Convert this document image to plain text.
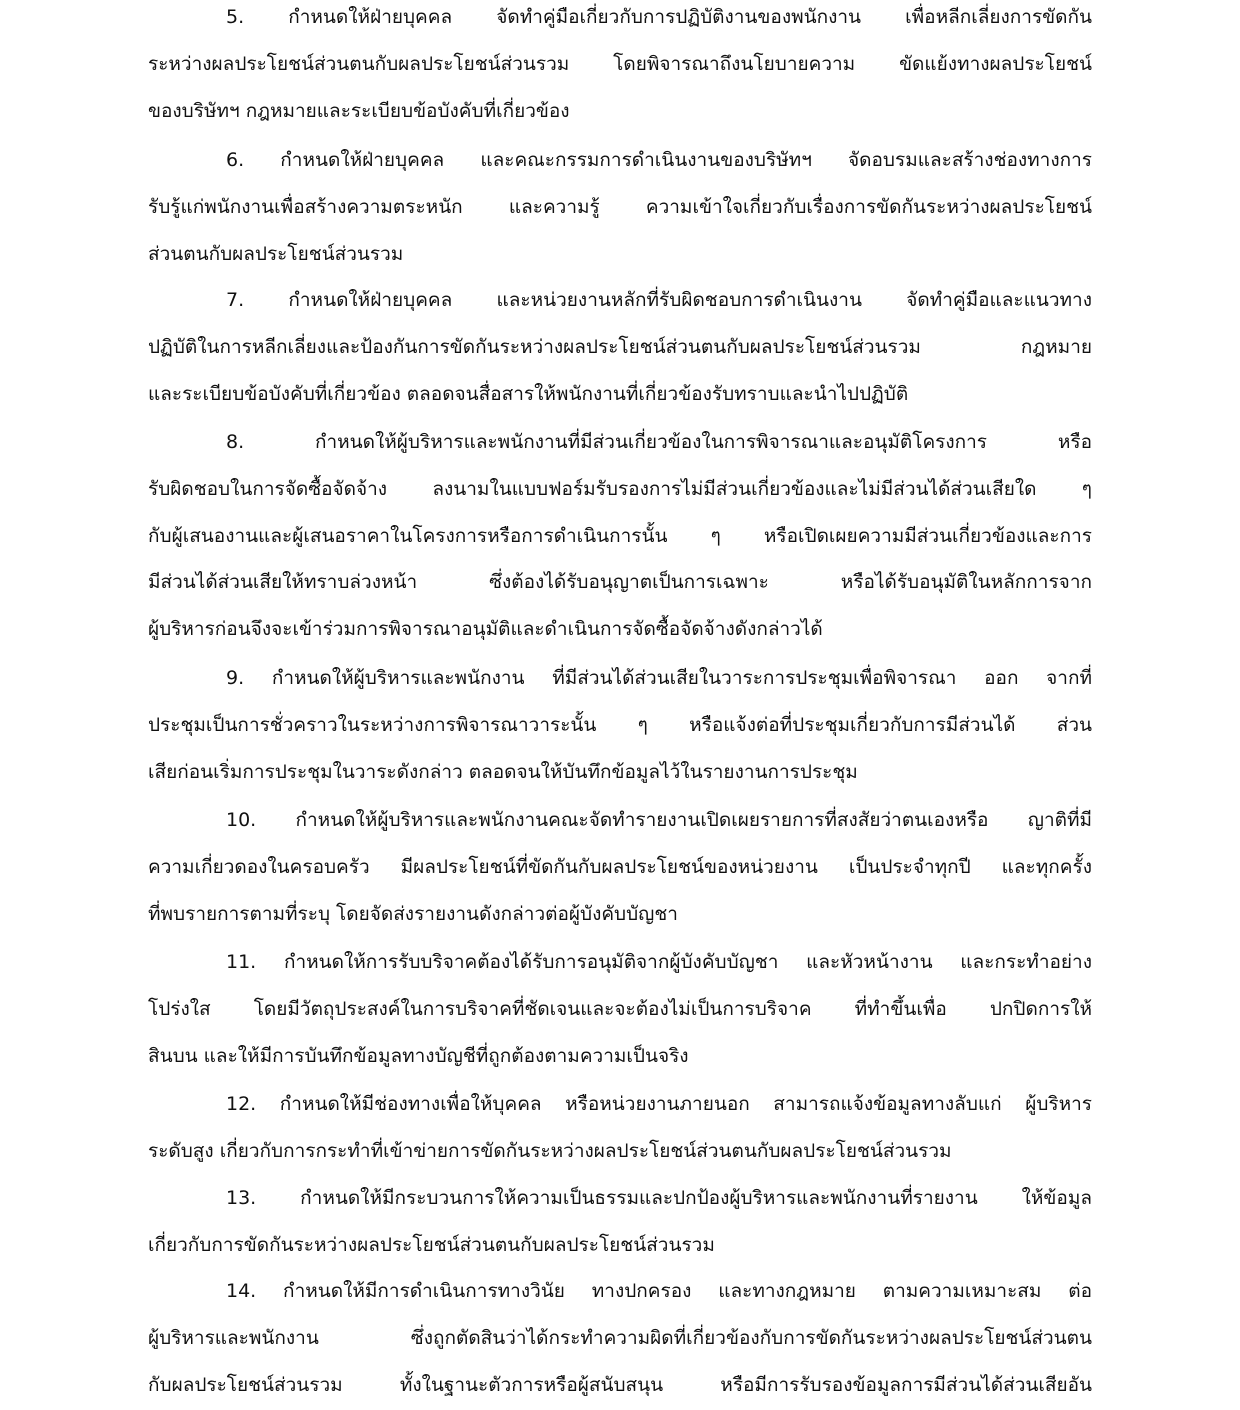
5. กำหนดให้ฝ่ายบุคคล จัดทำคู่มือเกี่ยวกับการปฏิบัติงานของพนักงาน เพื่อหลีกเลี่ยงการขัดกัน
ระหว่างผลประโยชน์ส่วนตนกับผลประโยชน์ส่วนรวม โดยพิจารณาถึงนโยบายความ ขัดแย้งทางผลประโยชน์
ของบริษัทฯ กฎหมายและระเบียบข้อบังคับที่เกี่ยวข้อง
6. กำหนดให้ฝ่ายบุคคล และคณะกรรมการดำเนินงานของบริษัทฯ จัดอบรมและสร้างช่องทางการ
รับรู้แก่พนักงานเพื่อสร้างความตระหนัก และความรู้ ความเข้าใจเกี่ยวกับเรื่องการขัดกันระหว่างผลประโยชน์
ส่วนตนกับผลประโยชน์ส่วนรวม
7. กำหนดให้ฝ่ายบุคคล และหน่วยงานหลักที่รับผิดชอบการดำเนินงาน จัดทำคู่มือและแนวทาง
ปฏิบัติในการหลีกเลี่ยงและป้องกันการขัดกันระหว่างผลประโยชน์ส่วนตนกับผลประโยชน์ส่วนรวม กฎหมาย
และระเบียบข้อบังคับที่เกี่ยวข้อง ตลอดจนสื่อสารให้พนักงานที่เกี่ยวข้องรับทราบและนำไปปฏิบัติ
8. กำหนดให้ผู้บริหารและพนักงานที่มีส่วนเกี่ยวข้องในการพิจารณาและอนุมัติโครงการ หรือ
รับผิดชอบในการจัดซื้อจัดจ้าง ลงนามในแบบฟอร์มรับรองการไม่มีส่วนเกี่ยวข้องและไม่มีส่วนได้ส่วนเสียใด ๆ
กับผู้เสนองานและผู้เสนอราคาในโครงการหรือการดำเนินการนั้น ๆ หรือเปิดเผยความมีส่วนเกี่ยวข้องและการ
มีส่วนได้ส่วนเสียให้ทราบล่วงหน้า ซึ่งต้องได้รับอนุญาตเป็นการเฉพาะ หรือได้รับอนุมัติในหลักการจาก
ผู้บริหารก่อนจึงจะเข้าร่วมการพิจารณาอนุมัติและดำเนินการจัดซื้อจัดจ้างดังกล่าวได้
9. กำหนดให้ผู้บริหารและพนักงาน ที่มีส่วนได้ส่วนเสียในวาระการประชุมเพื่อพิจารณา ออก จากที่
ประชุมเป็นการชั่วคราวในระหว่างการพิจารณาวาระนั้น ๆ หรือแจ้งต่อที่ประชุมเกี่ยวกับการมีส่วนได้ ส่วน
เสียก่อนเริ่มการประชุมในวาระดังกล่าว ตลอดจนให้บันทึกข้อมูลไว้ในรายงานการประชุม
10. กำหนดให้ผู้บริหารและพนักงานคณะจัดทำรายงานเปิดเผยรายการที่สงสัยว่าตนเองหรือ ญาติที่มี
ความเกี่ยวดองในครอบครัว มีผลประโยชน์ที่ขัดกันกับผลประโยชน์ของหน่วยงาน เป็นประจำทุกปี และทุกครั้ง
ที่พบรายการตามที่ระบุ โดยจัดส่งรายงานดังกล่าวต่อผู้บังคับบัญชา
11. กำหนดให้การรับบริจาคต้องได้รับการอนุมัติจากผู้บังคับบัญชา และหัวหน้างาน และกระทำอย่าง
โปร่งใส โดยมีวัตถุประสงค์ในการบริจาคที่ชัดเจนและจะต้องไม่เป็นการบริจาค ที่ทำขึ้นเพื่อ ปกปิดการให้
สินบน และให้มีการบันทึกข้อมูลทางบัญชีที่ถูกต้องตามความเป็นจริง
12. กำหนดให้มีช่องทางเพื่อให้บุคคล หรือหน่วยงานภายนอก สามารถแจ้งข้อมูลทางลับแก่ ผู้บริหาร
ระดับสูง เกี่ยวกับการกระทำที่เข้าข่ายการขัดกันระหว่างผลประโยชน์ส่วนตนกับผลประโยชน์ส่วนรวม
13. กำหนดให้มีกระบวนการให้ความเป็นธรรมและปกป้องผู้บริหารและพนักงานที่รายงาน ให้ข้อมูล
เกี่ยวกับการขัดกันระหว่างผลประโยชน์ส่วนตนกับผลประโยชน์ส่วนรวม
14. กำหนดให้มีการดำเนินการทางวินัย ทางปกครอง และทางกฎหมาย ตามความเหมาะสม ต่อ
ผู้บริหารและพนักงาน ซึ่งถูกตัดสินว่าได้กระทำความผิดที่เกี่ยวข้องกับการขัดกันระหว่างผลประโยชน์ส่วนตน
กับผลประโยชน์ส่วนรวม ทั้งในฐานะตัวการหรือผู้สนับสนุน หรือมีการรับรองข้อมูลการมีส่วนได้ส่วนเสียอัน
